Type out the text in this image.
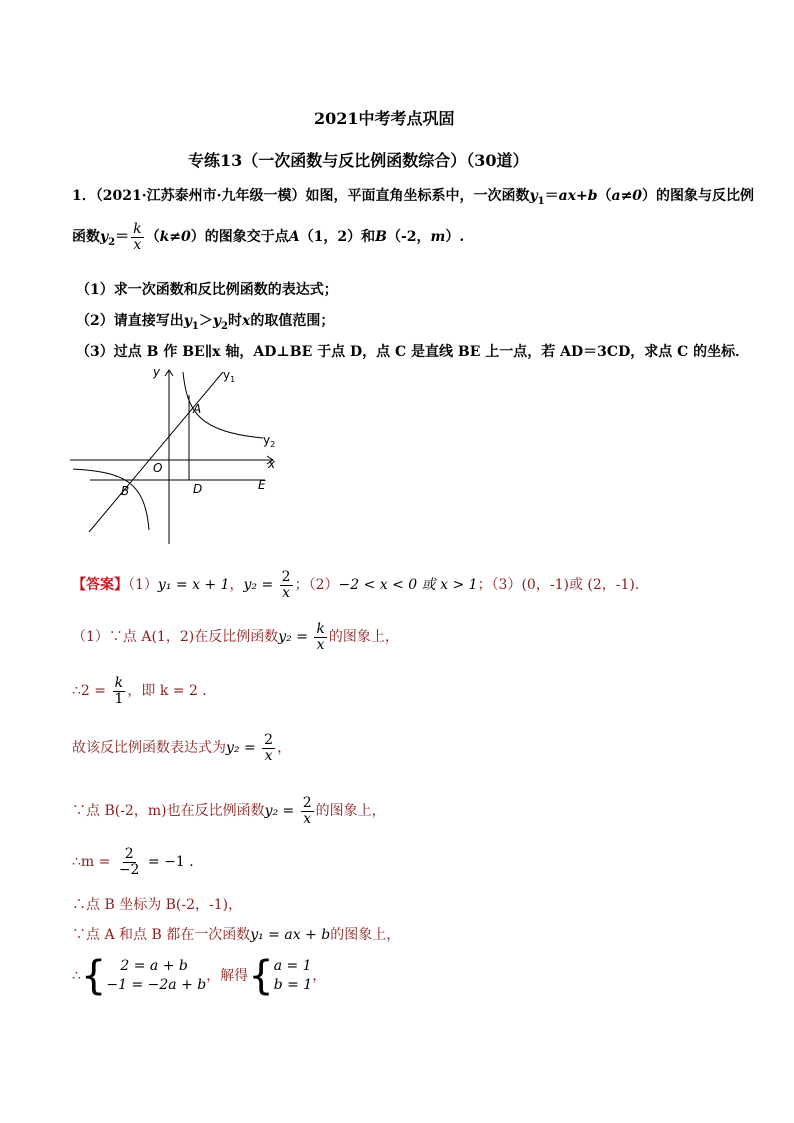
2021中考考点巩固
专练13（一次函数与反比例函数综合）（30道）
1．（2021·江苏泰州市·九年级一模）如图，平面直角坐标系中，一次函数$y_1=ax+b(a\ne 0)$的图象与反比例
函数$y_2= \frac{k}{x} (k\ne 0)$的图象交于点A（1，2）和B（-2，m）.
（1）求一次函数和反比例函数的表达式；
（2）请直接写出$y_1>y_2$时x的取值范围；
（3）过点 B 作 BE∥x 轴，AD⊥BE 于点 D，点 C 是直线 BE 上一点，若 AD＝3CD，求点 C 的坐标．
y
x
O
A
B	D	E
$y_1$
$y_2$
【答案】（1）y₁ = x + 1，$y_2 = \frac{2}{x}$ ；（2）−2 < x < 0 或 x > 1；（3）(0，-1)或 (2，-1).
（1）∵点 A(1，2)在反比例函数$y_2 = \frac{k}{x}$ 的图象上，
∴2 = $\frac{k}{1}$ ，即 k = 2 .
故该反比例函数表达式为$y_2 = \frac{2}{x}$ ，
∵点 B(-2，m)也在反比例函数$y_2 = \frac{2}{x}$ 的图象上，
∴m = $\frac{2}{-2} = -1$ .
∴点 B 坐标为 B(-2，-1)，
∵点 A 和点 B 都在一次函数y₁ = ax + b的图象上，
∴{	2 = a + b
−1 = −2a + b
，解得{ a = 1
b = 1
，
